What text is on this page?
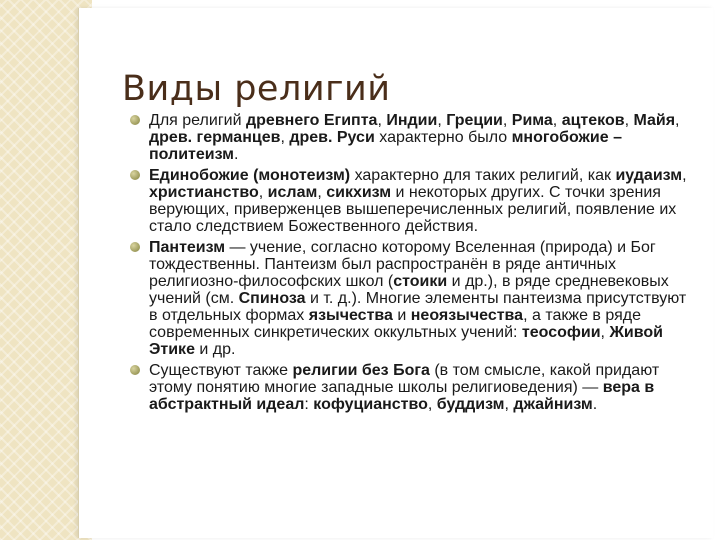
Виды религий
Для религий древнего Египта, Индии, Греции, Рима, ацтеков, Майя, древ. германцев, древ. Руси характерно было многобожие – политеизм.
Единобожие (монотеизм) характерно для таких религий, как иудаизм, христианство, ислам, сикхизм и некоторых других. С точки зрения верующих, приверженцев вышеперечисленных религий, появление их стало следствием Божественного действия.
Пантеизм — учение, согласно которому Вселенная (природа) и Бог тождественны. Пантеизм был распространён в ряде античных религиозно-философских школ (стоики и др.), в ряде средневековых учений (см. Спиноза и т. д.). Многие элементы пантеизма присутствуют в отдельных формах язычества и неоязычества, а также в ряде современных синкретических оккультных учений: теософии, Живой Этике и др.
Существуют также религии без Бога (в том смысле, какой придают этому понятию многие западные школы религиоведения) — вера в абстрактный идеал: кофуцианство, буддизм, джайнизм.
